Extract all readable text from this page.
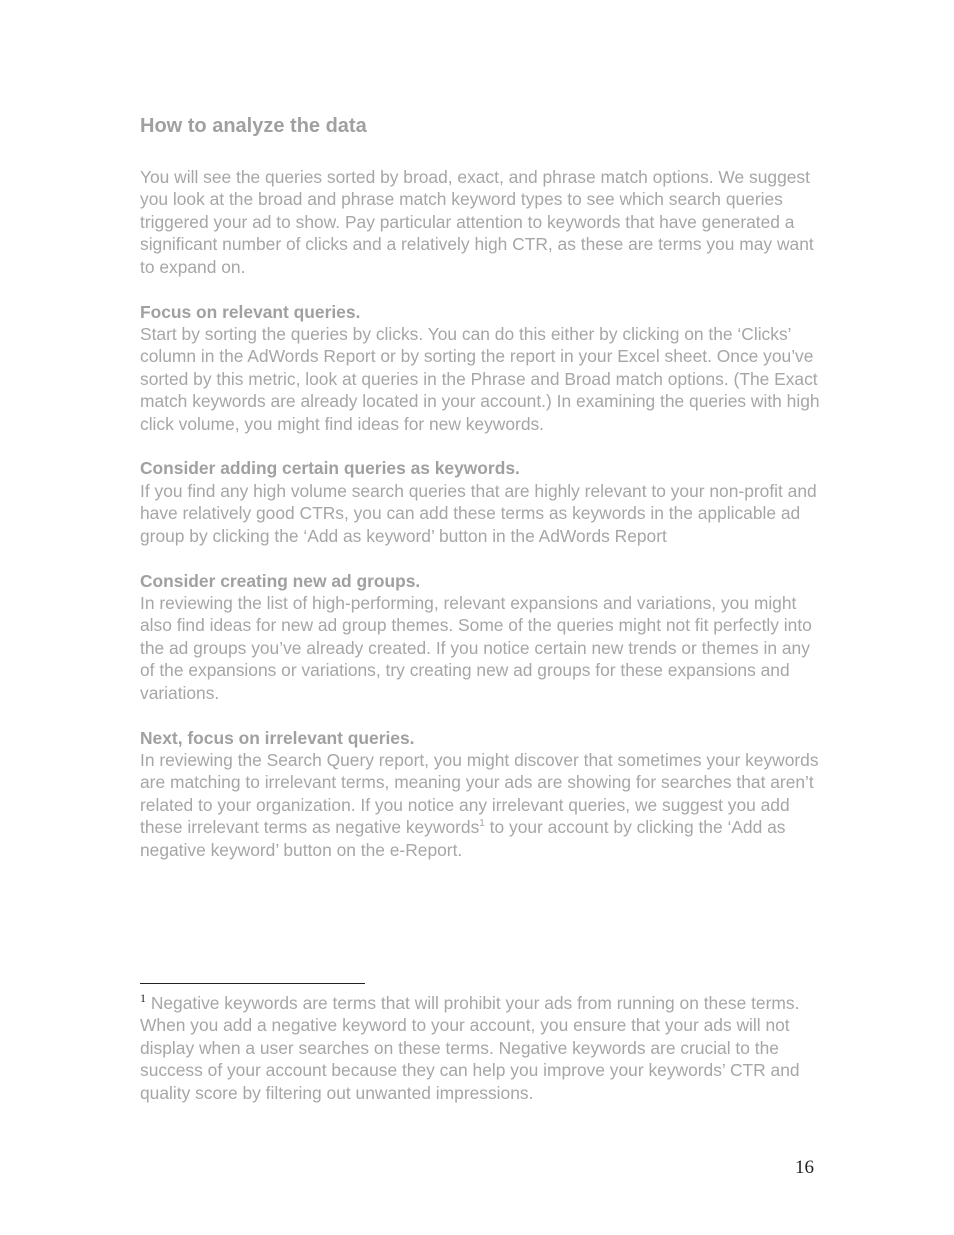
How to analyze the data

You will see the queries sorted by broad, exact, and phrase match options. We suggest you look at the broad and phrase match keyword types to see which search queries triggered your ad to show. Pay particular attention to keywords that have generated a significant number of clicks and a relatively high CTR, as these are terms you may want to expand on.

Focus on relevant queries.
Start by sorting the queries by clicks. You can do this either by clicking on the ‘Clicks’ column in the AdWords Report or by sorting the report in your Excel sheet. Once you’ve sorted by this metric, look at queries in the Phrase and Broad match options. (The Exact match keywords are already located in your account.) In examining the queries with high click volume, you might find ideas for new keywords.

Consider adding certain queries as keywords.
If you find any high volume search queries that are highly relevant to your non-profit and have relatively good CTRs, you can add these terms as keywords in the applicable ad group by clicking the ‘Add as keyword’ button in the AdWords Report

Consider creating new ad groups.
In reviewing the list of high-performing, relevant expansions and variations, you might also find ideas for new ad group themes. Some of the queries might not fit perfectly into the ad groups you’ve already created. If you notice certain new trends or themes in any of the expansions or variations, try creating new ad groups for these expansions and variations.

Next, focus on irrelevant queries.
In reviewing the Search Query report, you might discover that sometimes your keywords are matching to irrelevant terms, meaning your ads are showing for searches that aren’t related to your organization. If you notice any irrelevant queries, we suggest you add these irrelevant terms as negative keywords$^1$ to your account by clicking the ‘Add as negative keyword’ button on the e-Report.

$^1$ Negative keywords are terms that will prohibit your ads from running on these terms. When you add a negative keyword to your account, you ensure that your ads will not display when a user searches on these terms. Negative keywords are crucial to the success of your account because they can help you improve your keywords’ CTR and quality score by filtering out unwanted impressions.
16
